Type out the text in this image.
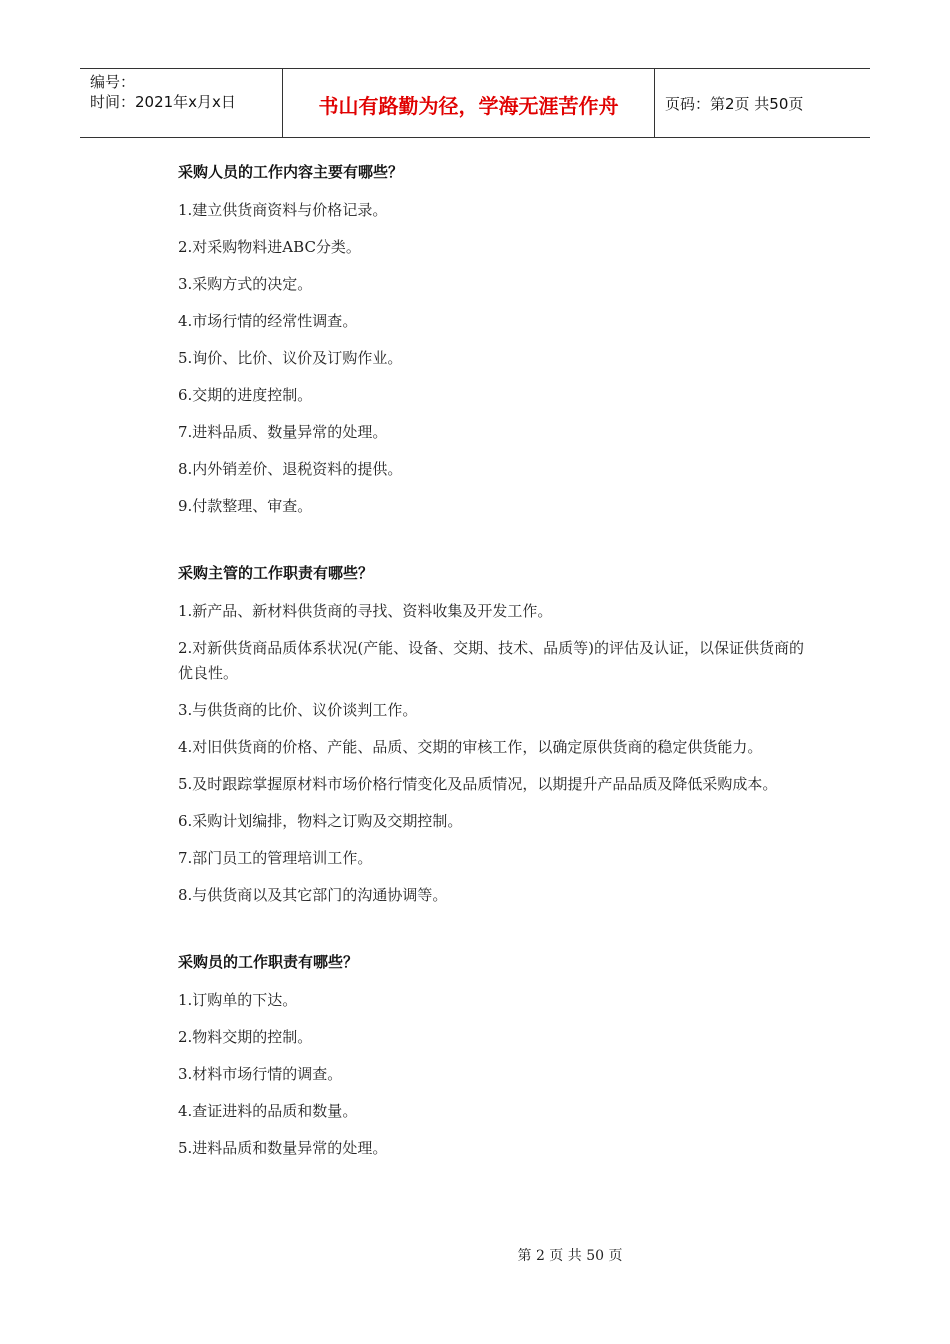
编号：
时间：2021年x月x日	书山有路勤为径，学海无涯苦作舟	页码：第2页 共50页

采购人员的工作内容主要有哪些？

1.建立供货商资料与价格记录。

2.对采购物料进ABC分类。

3.采购方式的决定。

4.市场行情的经常性调查。

5.询价、比价、议价及订购作业。

6.交期的进度控制。

7.进料品质、数量异常的处理。

8.内外销差价、退税资料的提供。

9.付款整理、审查。

采购主管的工作职责有哪些？

1.新产品、新材料供货商的寻找、资料收集及开发工作。

2.对新供货商品质体系状况(产能、设备、交期、技术、品质等)的评估及认证，以保证供货商的优良性。

3.与供货商的比价、议价谈判工作。

4.对旧供货商的价格、产能、品质、交期的审核工作，以确定原供货商的稳定供货能力。

5.及时跟踪掌握原材料市场价格行情变化及品质情况，以期提升产品品质及降低采购成本。

6.采购计划编排，物料之订购及交期控制。

7.部门员工的管理培训工作。

8.与供货商以及其它部门的沟通协调等。

采购员的工作职责有哪些？

1.订购单的下达。

2.物料交期的控制。

3.材料市场行情的调查。

4.查证进料的品质和数量。

5.进料品质和数量异常的处理。

第 2 页 共 50 页
